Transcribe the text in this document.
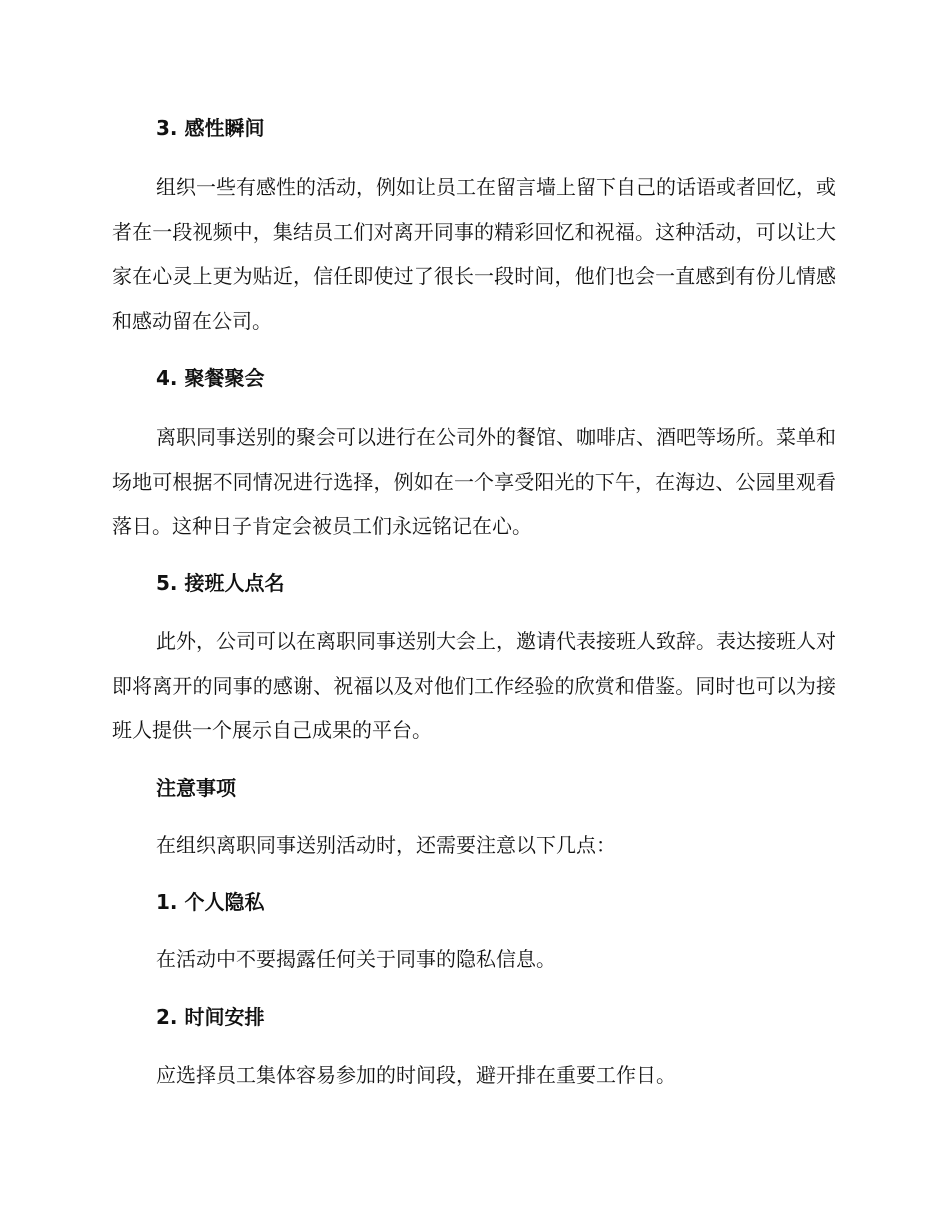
3. 感性瞬间

组织一些有感性的活动，例如让员工在留言墙上留下自己的话语或者回忆，或者在一段视频中，集结员工们对离开同事的精彩回忆和祝福。这种活动，可以让大家在心灵上更为贴近，信任即使过了很长一段时间，他们也会一直感到有份儿情感和感动留在公司。

4. 聚餐聚会

离职同事送别的聚会可以进行在公司外的餐馆、咖啡店、酒吧等场所。菜单和场地可根据不同情况进行选择，例如在一个享受阳光的下午，在海边、公园里观看落日。这种日子肯定会被员工们永远铭记在心。

5. 接班人点名

此外，公司可以在离职同事送别大会上，邀请代表接班人致辞。表达接班人对即将离开的同事的感谢、祝福以及对他们工作经验的欣赏和借鉴。同时也可以为接班人提供一个展示自己成果的平台。

注意事项
在组织离职同事送别活动时，还需要注意以下几点：
1. 个人隐私
在活动中不要揭露任何关于同事的隐私信息。
2. 时间安排
应选择员工集体容易参加的时间段，避开排在重要工作日。
